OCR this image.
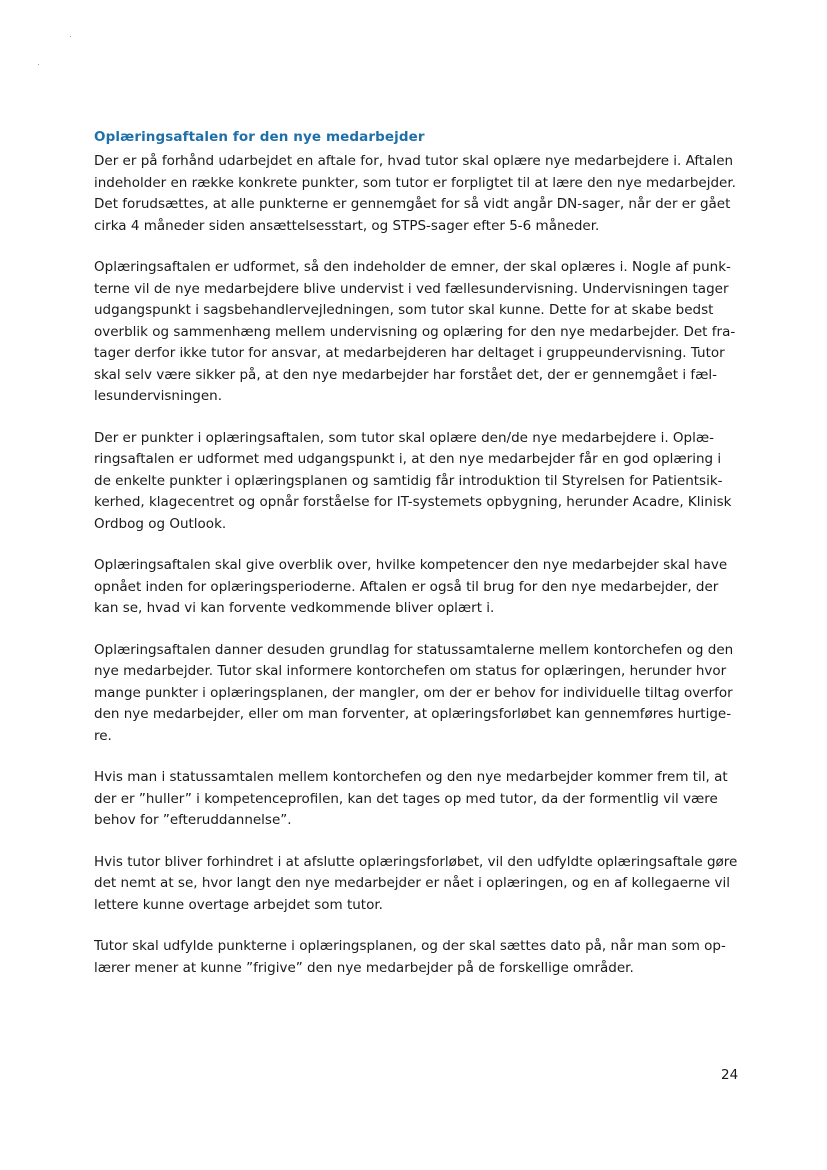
Oplæringsaftalen for den nye medarbejder

Der er på forhånd udarbejdet en aftale for, hvad tutor skal oplære nye medarbejdere i. Aftalen
indeholder en række konkrete punkter, som tutor er forpligtet til at lære den nye medarbejder.
Det forudsættes, at alle punkterne er gennemgået for så vidt angår DN-sager, når der er gået
cirka 4 måneder siden ansættelsesstart, og STPS-sager efter 5-6 måneder.

Oplæringsaftalen er udformet, så den indeholder de emner, der skal oplæres i. Nogle af punk-
terne vil de nye medarbejdere blive undervist i ved fællesundervisning. Undervisningen tager
udgangspunkt i sagsbehandlervejledningen, som tutor skal kunne. Dette for at skabe bedst
overblik og sammenhæng mellem undervisning og oplæring for den nye medarbejder. Det fra-
tager derfor ikke tutor for ansvar, at medarbejderen har deltaget i gruppeundervisning. Tutor
skal selv være sikker på, at den nye medarbejder har forstået det, der er gennemgået i fæl-
lesundervisningen.

Der er punkter i oplæringsaftalen, som tutor skal oplære den/de nye medarbejdere i. Oplæ-
ringsaftalen er udformet med udgangspunkt i, at den nye medarbejder får en god oplæring i
de enkelte punkter i oplæringsplanen og samtidig får introduktion til Styrelsen for Patientsik-
kerhed, klagecentret og opnår forståelse for IT-systemets opbygning, herunder Acadre, Klinisk
Ordbog og Outlook.

Oplæringsaftalen skal give overblik over, hvilke kompetencer den nye medarbejder skal have
opnået inden for oplæringsperioderne. Aftalen er også til brug for den nye medarbejder, der
kan se, hvad vi kan forvente vedkommende bliver oplært i.

Oplæringsaftalen danner desuden grundlag for statussamtalerne mellem kontorchefen og den
nye medarbejder. Tutor skal informere kontorchefen om status for oplæringen, herunder hvor
mange punkter i oplæringsplanen, der mangler, om der er behov for individuelle tiltag overfor
den nye medarbejder, eller om man forventer, at oplæringsforløbet kan gennemføres hurtige-
re.

Hvis man i statussamtalen mellem kontorchefen og den nye medarbejder kommer frem til, at
der er ”huller” i kompetenceprofilen, kan det tages op med tutor, da der formentlig vil være
behov for ”efteruddannelse”.

Hvis tutor bliver forhindret i at afslutte oplæringsforløbet, vil den udfyldte oplæringsaftale gøre
det nemt at se, hvor langt den nye medarbejder er nået i oplæringen, og en af kollegaerne vil
lettere kunne overtage arbejdet som tutor.

Tutor skal udfylde punkterne i oplæringsplanen, og der skal sættes dato på, når man som op-
lærer mener at kunne ”frigive” den nye medarbejder på de forskellige områder.

24
